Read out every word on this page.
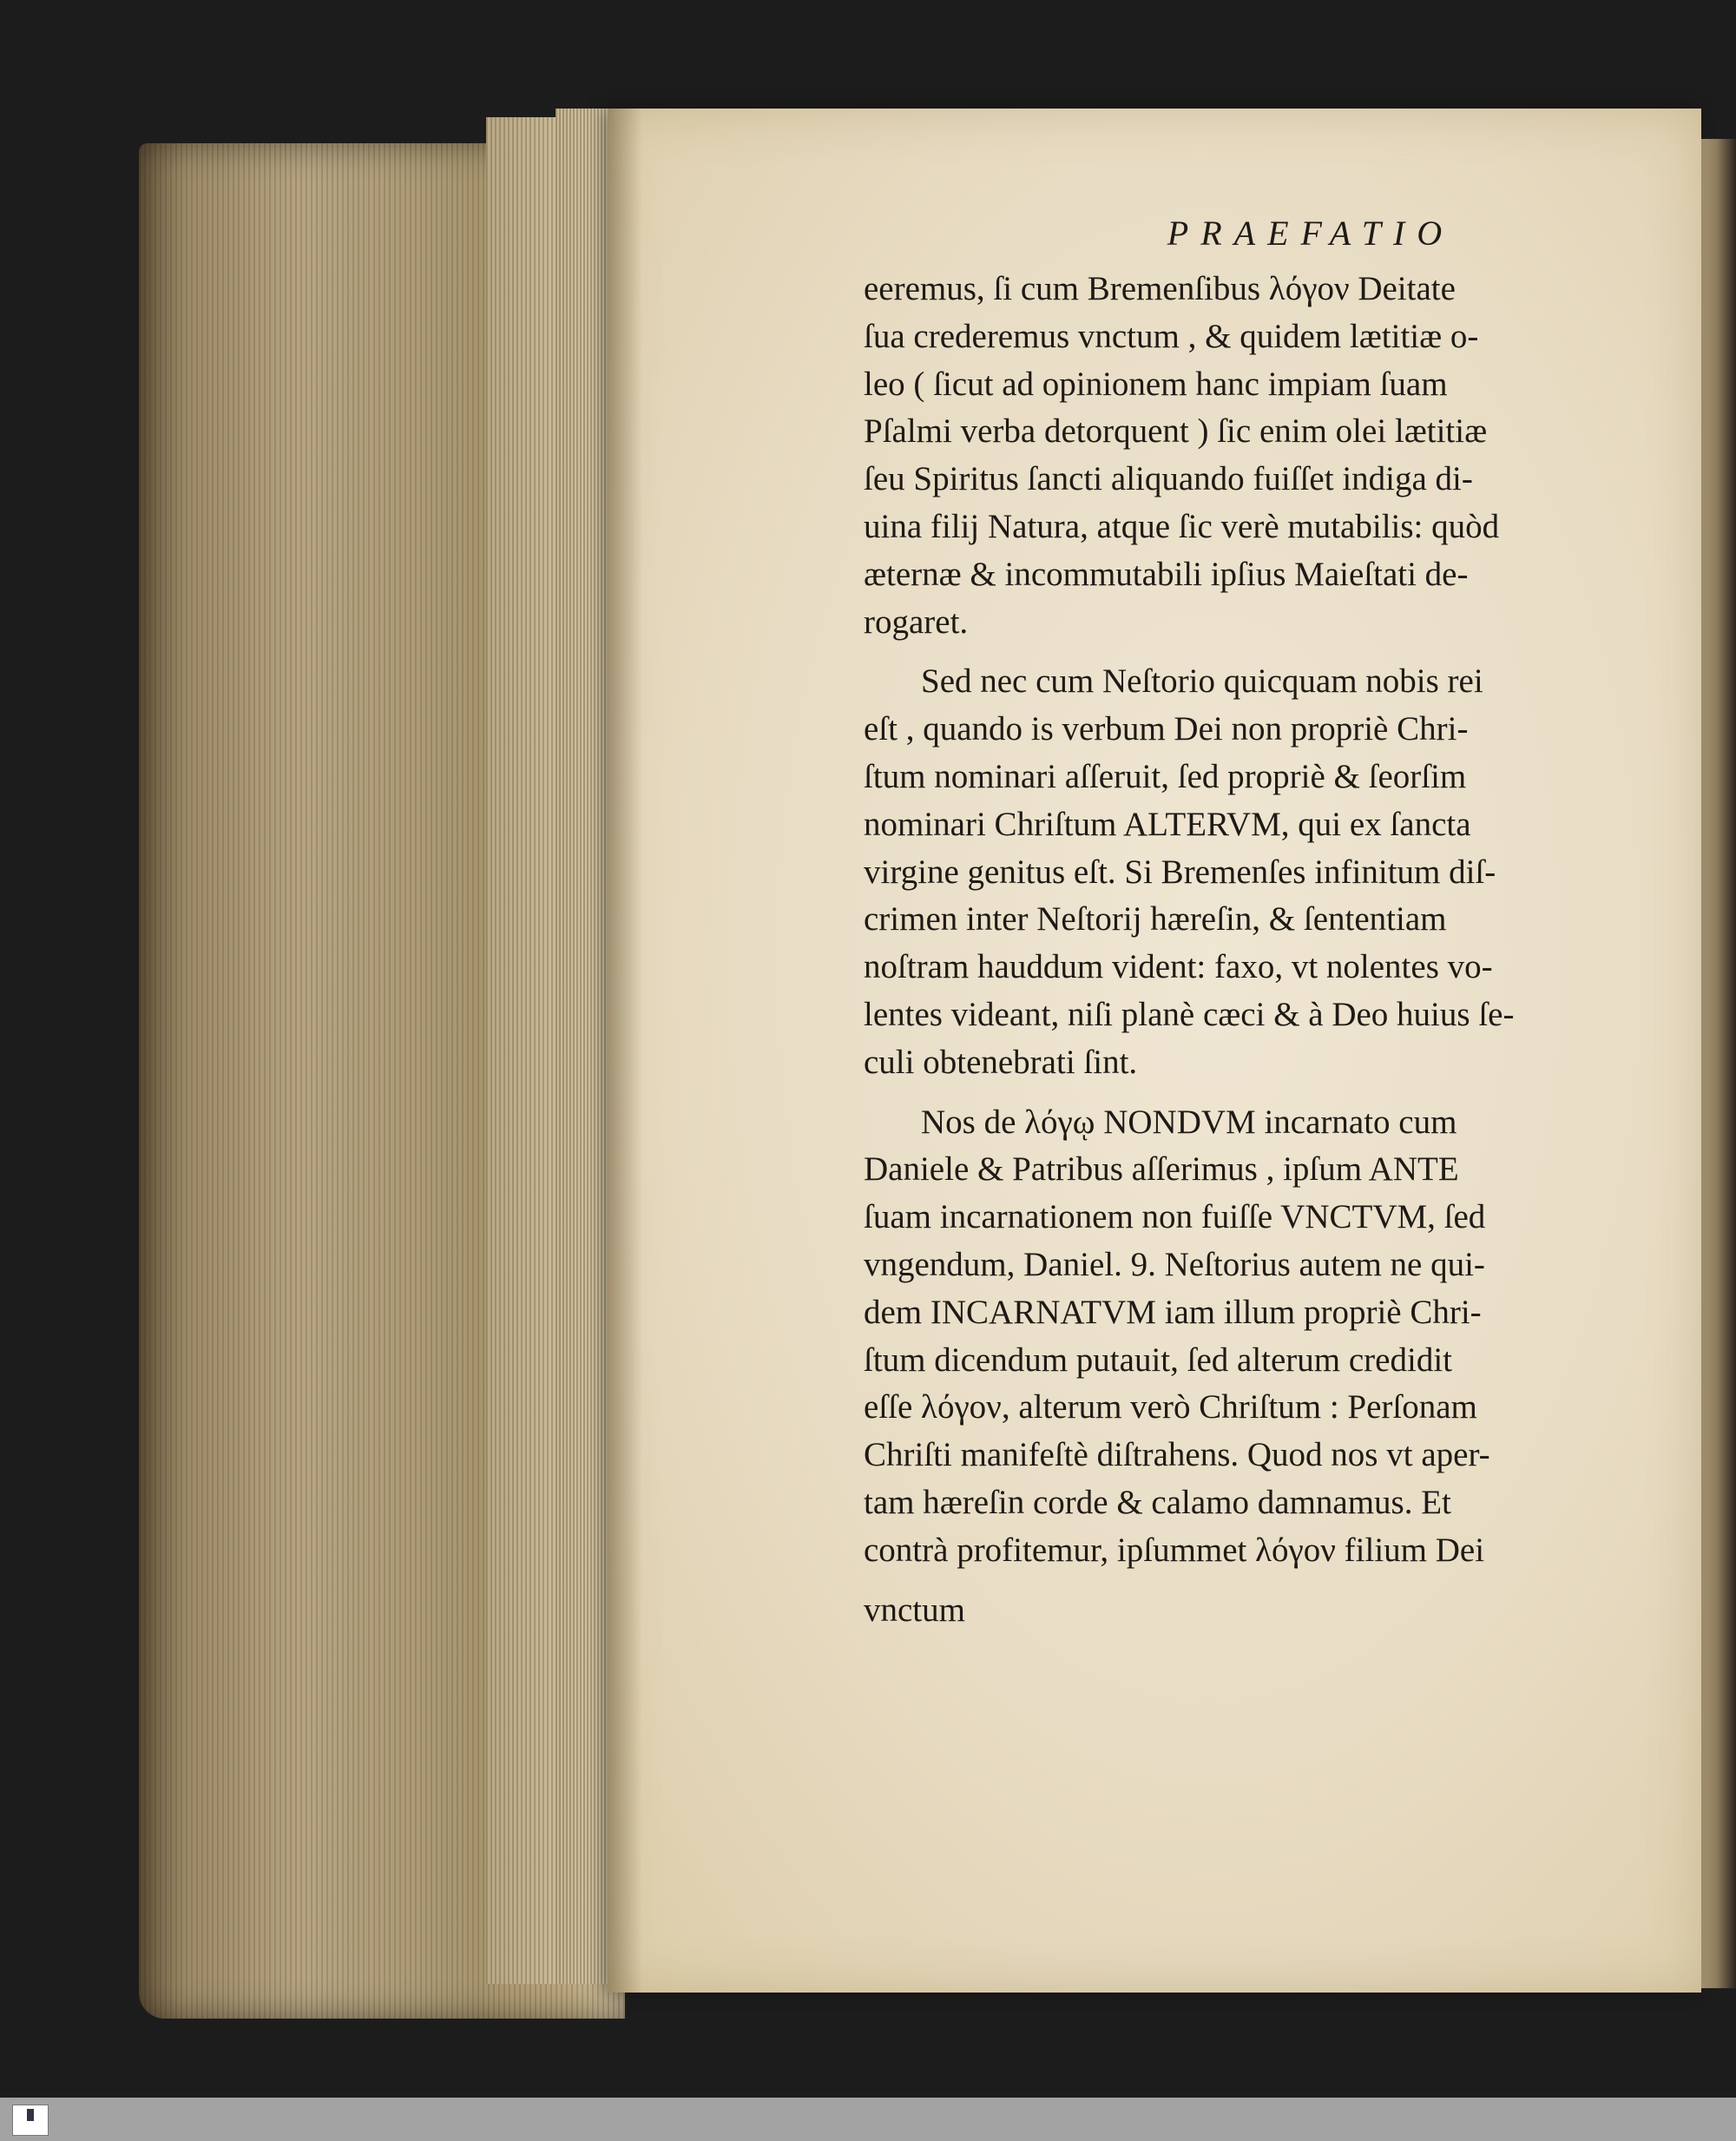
PRAEFATIO
eeremus, ſi cum Bremenſibus λόγον Deitate
ſua crederemus vnctum , & quidem lætitiæ o-
leo ( ſicut ad opinionem hanc impiam ſuam
Pſalmi verba detorquent ) ſic enim olei lætitiæ
ſeu Spiritus ſancti aliquando fuiſſet indiga di-
uina filij Natura, atque ſic verè mutabilis: quòd
æternæ & incommutabili ipſius Maieſtati de-
rogaret.
Sed nec cum Neſtorio quicquam nobis rei
eſt , quando is verbum Dei non propriè Chri-
ſtum nominari aſſeruit, ſed propriè & ſeorſim
nominari Chriſtum ALTERVM, qui ex ſancta
virgine genitus eſt. Si Bremenſes infinitum diſ-
crimen inter Neſtorij hæreſin, & ſententiam
noſtram hauddum vident: faxo, vt nolentes vo-
lentes videant, niſi planè cæci & à Deo huius ſe-
culi obtenebrati ſint.
Nos de λόγῳ NONDVM incarnato cum
Daniele & Patribus aſſerimus , ipſum ANTE
ſuam incarnationem non fuiſſe VNCTVM, ſed
vngendum, Daniel. 9. Neſtorius autem ne qui-
dem INCARNATVM iam illum propriè Chri-
ſtum dicendum putauit, ſed alterum credidit
eſſe λόγον, alterum verò Chriſtum : Perſonam
Chriſti manifeſtè diſtrahens. Quod nos vt aper-
tam hæreſin corde & calamo damnamus. Et
contrà profitemur, ipſummet λόγον filium Dei
vnctum
